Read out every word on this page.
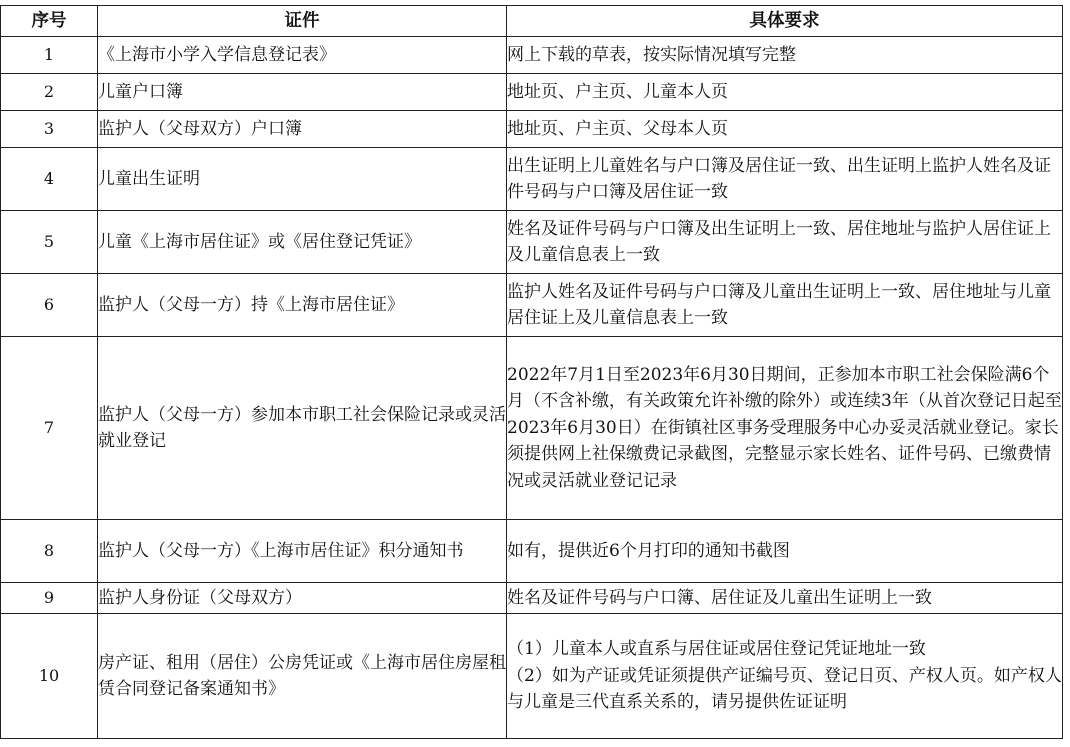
序号	证件	具体要求
1	《上海市小学入学信息登记表》	网上下载的草表，按实际情况填写完整
2	儿童户口簿	地址页、户主页、儿童本人页
3	监护人（父母双方）户口簿	地址页、户主页、父母本人页
4	儿童出生证明	出生证明上儿童姓名与户口簿及居住证一致、出生证明上监护人姓名及证件号码与户口簿及居住证一致
5	儿童《上海市居住证》或《居住登记凭证》	姓名及证件号码与户口簿及出生证明上一致、居住地址与监护人居住证上及儿童信息表上一致
6	监护人（父母一方）持《上海市居住证》	监护人姓名及证件号码与户口簿及儿童出生证明上一致、居住地址与儿童居住证上及儿童信息表上一致
7	监护人（父母一方）参加本市职工社会保险记录或灵活就业登记	2022年7月1日至2023年6月30日期间，正参加本市职工社会保险满6个月（不含补缴，有关政策允许补缴的除外）或连续3年（从首次登记日起至2023年6月30日）在街镇社区事务受理服务中心办妥灵活就业登记。家长须提供网上社保缴费记录截图，完整显示家长姓名、证件号码、已缴费情况或灵活就业登记记录
8	监护人（父母一方）《上海市居住证》积分通知书	如有，提供近6个月打印的通知书截图
9	监护人身份证（父母双方）	姓名及证件号码与户口簿、居住证及儿童出生证明上一致
10	房产证、租用（居住）公房凭证或《上海市居住房屋租赁合同登记备案通知书》	（1）儿童本人或直系与居住证或居住登记凭证地址一致
（2）如为产证或凭证须提供产证编号页、登记日页、产权人页。如产权人与儿童是三代直系关系的，请另提供佐证证明
